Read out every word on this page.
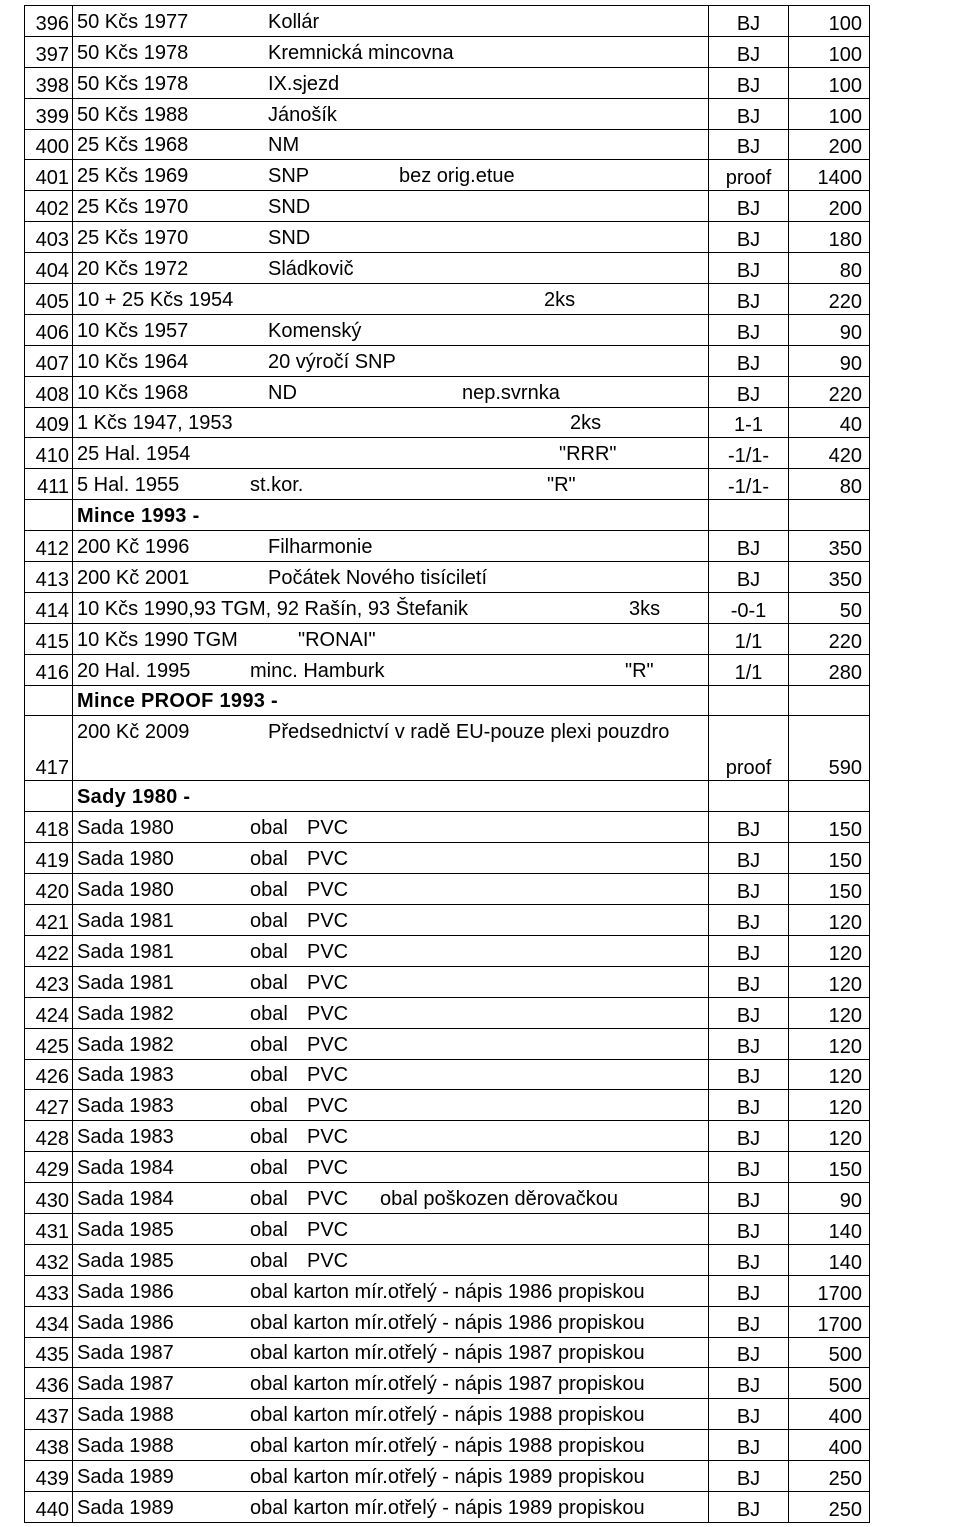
396	50 Kčs 1977 Kollár	BJ	100
397	50 Kčs 1978 Kremnická mincovna	BJ	100
398	50 Kčs 1978 IX.sjezd	BJ	100
399	50 Kčs 1988 Jánošík	BJ	100
400	25 Kčs 1968 NM	BJ	200
401	25 Kčs 1969 SNP bez orig.etue	proof	1400
402	25 Kčs 1970 SND	BJ	200
403	25 Kčs 1970 SND	BJ	180
404	20 Kčs 1972 Sládkovič	BJ	80
405	10 + 25 Kčs 1954 2ks	BJ	220
406	10 Kčs 1957 Komenský	BJ	90
407	10 Kčs 1964 20 výročí SNP	BJ	90
408	10 Kčs 1968 ND nep.svrnka	BJ	220
409	1 Kčs 1947, 1953 2ks	1-1	40
410	25 Hal. 1954 "RRR"	-1/1-	420
411	5 Hal. 1955 st.kor. "R"	-1/1-	80

	Mince 1993 -		

412	200 Kč 1996 Filharmonie	BJ	350
413	200 Kč 2001 Počátek Nového tisíciletí	BJ	350
414	10 Kčs 1990,93 TGM, 92 Rašín, 93 Štefanik 3ks	-0-1	50
415	10 Kčs 1990 TGM "RONAI"	1/1	220
416	20 Hal. 1995 minc. Hamburk "R"	1/1	280

	Mince PROOF 1993 -		

417	200 Kč 2009 Předsednictví v radě EU-pouze plexi pouzdro	proof	590

	Sady 1980 -		

418	Sada 1980 obal PVC	BJ	150
419	Sada 1980 obal PVC	BJ	150
420	Sada 1980 obal PVC	BJ	150
421	Sada 1981 obal PVC	BJ	120
422	Sada 1981 obal PVC	BJ	120
423	Sada 1981 obal PVC	BJ	120
424	Sada 1982 obal PVC	BJ	120
425	Sada 1982 obal PVC	BJ	120
426	Sada 1983 obal PVC	BJ	120
427	Sada 1983 obal PVC	BJ	120
428	Sada 1983 obal PVC	BJ	120
429	Sada 1984 obal PVC	BJ	150
430	Sada 1984 obal PVC obal poškozen děrovačkou	BJ	90
431	Sada 1985 obal PVC	BJ	140
432	Sada 1985 obal PVC	BJ	140
433	Sada 1986 obal karton mír.otřelý - nápis 1986 propiskou	BJ	1700
434	Sada 1986 obal karton mír.otřelý - nápis 1986 propiskou	BJ	1700
435	Sada 1987 obal karton mír.otřelý - nápis 1987 propiskou	BJ	500
436	Sada 1987 obal karton mír.otřelý - nápis 1987 propiskou	BJ	500
437	Sada 1988 obal karton mír.otřelý - nápis 1988 propiskou	BJ	400
438	Sada 1988 obal karton mír.otřelý - nápis 1988 propiskou	BJ	400
439	Sada 1989 obal karton mír.otřelý - nápis 1989 propiskou	BJ	250
440	Sada 1989 obal karton mír.otřelý - nápis 1989 propiskou	BJ	250
